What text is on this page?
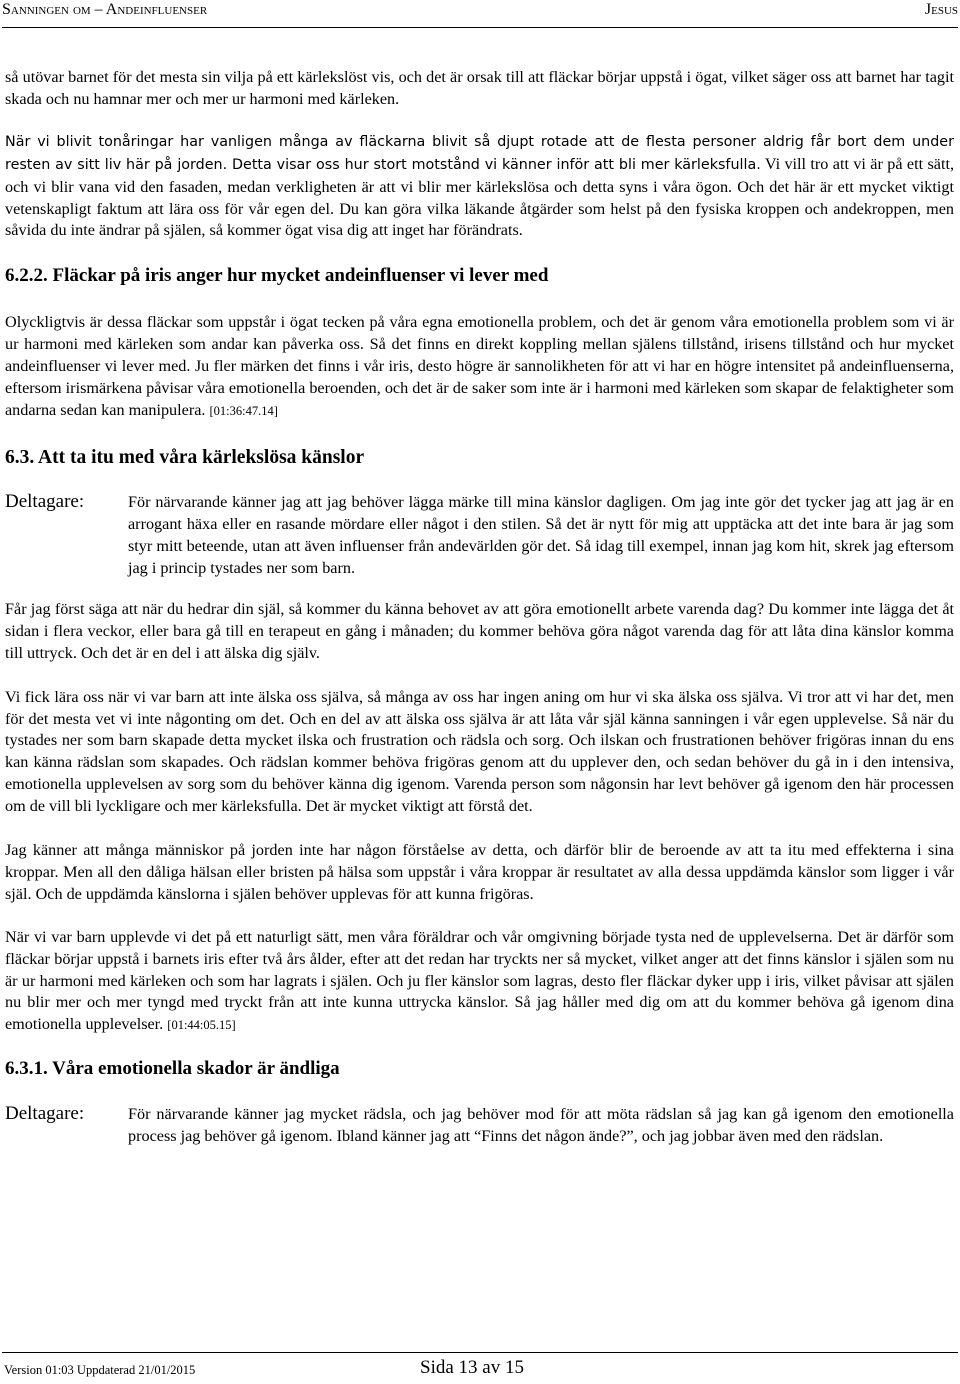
Sanningen om – Andeinfluenser	Jesus

så utövar barnet för det mesta sin vilja på ett kärlekslöst vis, och det är orsak till att fläckar börjar uppstå i ögat, vilket säger oss att barnet har tagit skada och nu hamnar mer och mer ur harmoni med kärleken.

När vi blivit tonåringar har vanligen många av fläckarna blivit så djupt rotade att de flesta personer aldrig får bort dem under resten av sitt liv här på jorden. Detta visar oss hur stort motstånd vi känner inför att bli mer kärleksfulla. Vi vill tro att vi är på ett sätt, och vi blir vana vid den fasaden, medan verkligheten är att vi blir mer kärlekslösa och detta syns i våra ögon. Och det här är ett mycket viktigt vetenskapligt faktum att lära oss för vår egen del. Du kan göra vilka läkande åtgärder som helst på den fysiska kroppen och andekroppen, men såvida du inte ändrar på själen, så kommer ögat visa dig att inget har förändrats.

6.2.2. Fläckar på iris anger hur mycket andeinfluenser vi lever med

Olyckligtvis är dessa fläckar som uppstår i ögat tecken på våra egna emotionella problem, och det är genom våra emotionella problem som vi är ur harmoni med kärleken som andar kan påverka oss. Så det finns en direkt koppling mellan själens tillstånd, irisens tillstånd och hur mycket andeinfluenser vi lever med. Ju fler märken det finns i vår iris, desto högre är sannolikheten för att vi har en högre intensitet på andeinfluenserna, eftersom irismärkena påvisar våra emotionella beroenden, och det är de saker som inte är i harmoni med kärleken som skapar de felaktigheter som andarna sedan kan manipulera. [01:36:47.14]

6.3. Att ta itu med våra kärlekslösa känslor
Deltagare:	För närvarande känner jag att jag behöver lägga märke till mina känslor dagligen. Om jag inte gör det tycker jag att jag är en arrogant häxa eller en rasande mördare eller något i den stilen. Så det är nytt för mig att upptäcka att det inte bara är jag som styr mitt beteende, utan att även influenser från andevärlden gör det. Så idag till exempel, innan jag kom hit, skrek jag eftersom jag i princip tystades ner som barn.

Får jag först säga att när du hedrar din själ, så kommer du känna behovet av att göra emotionellt arbete varenda dag? Du kommer inte lägga det åt sidan i flera veckor, eller bara gå till en terapeut en gång i månaden; du kommer behöva göra något varenda dag för att låta dina känslor komma till uttryck. Och det är en del i att älska dig själv.

Vi fick lära oss när vi var barn att inte älska oss själva, så många av oss har ingen aning om hur vi ska älska oss själva. Vi tror att vi har det, men för det mesta vet vi inte någonting om det. Och en del av att älska oss själva är att låta vår själ känna sanningen i vår egen upplevelse. Så när du tystades ner som barn skapade detta mycket ilska och frustration och rädsla och sorg. Och ilskan och frustrationen behöver frigöras innan du ens kan känna rädslan som skapades. Och rädslan kommer behöva frigöras genom att du upplever den, och sedan behöver du gå in i den intensiva, emotionella upplevelsen av sorg som du behöver känna dig igenom. Varenda person som någonsin har levt behöver gå igenom den här processen om de vill bli lyckligare och mer kärleksfulla. Det är mycket viktigt att förstå det.

Jag känner att många människor på jorden inte har någon förståelse av detta, och därför blir de beroende av att ta itu med effekterna i sina kroppar. Men all den dåliga hälsan eller bristen på hälsa som uppstår i våra kroppar är resultatet av alla dessa uppdämda känslor som ligger i vår själ. Och de uppdämda känslorna i själen behöver upplevas för att kunna frigöras.

När vi var barn upplevde vi det på ett naturligt sätt, men våra föräldrar och vår omgivning började tysta ned de upplevelserna. Det är därför som fläckar börjar uppstå i barnets iris efter två års ålder, efter att det redan har tryckts ner så mycket, vilket anger att det finns känslor i själen som nu är ur harmoni med kärleken och som har lagrats i själen. Och ju fler känslor som lagras, desto fler fläckar dyker upp i iris, vilket påvisar att själen nu blir mer och mer tyngd med tryckt från att inte kunna uttrycka känslor. Så jag håller med dig om att du kommer behöva gå igenom dina emotionella upplevelser. [01:44:05.15]

6.3.1. Våra emotionella skador är ändliga
Deltagare:	För närvarande känner jag mycket rädsla, och jag behöver mod för att möta rädslan så jag kan gå igenom den emotionella process jag behöver gå igenom. Ibland känner jag att “Finns det någon ände?”, och jag jobbar även med den rädslan.
Version 01:03 Uppdaterad 21/01/2015	Sida 13 av 15
